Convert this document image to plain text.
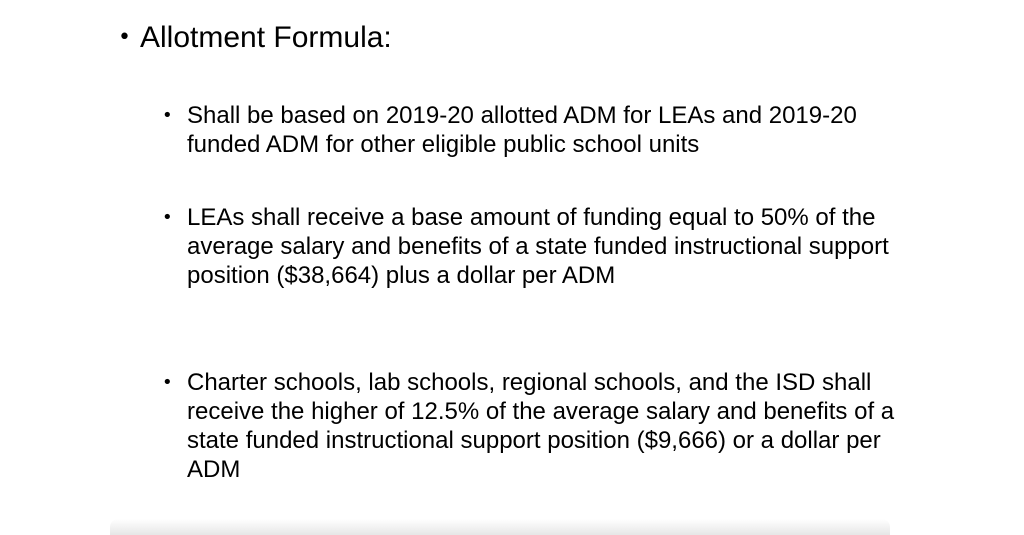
• Allotment Formula:
• Shall be based on 2019-20 allotted ADM for LEAs and 2019-20 funded ADM for other eligible public school units
• LEAs shall receive a base amount of funding equal to 50% of the average salary and benefits of a state funded instructional support position ($38,664) plus a dollar per ADM
• Charter schools, lab schools, regional schools, and the ISD shall receive the higher of 12.5% of the average salary and benefits of a state funded instructional support position ($9,666) or a dollar per ADM
